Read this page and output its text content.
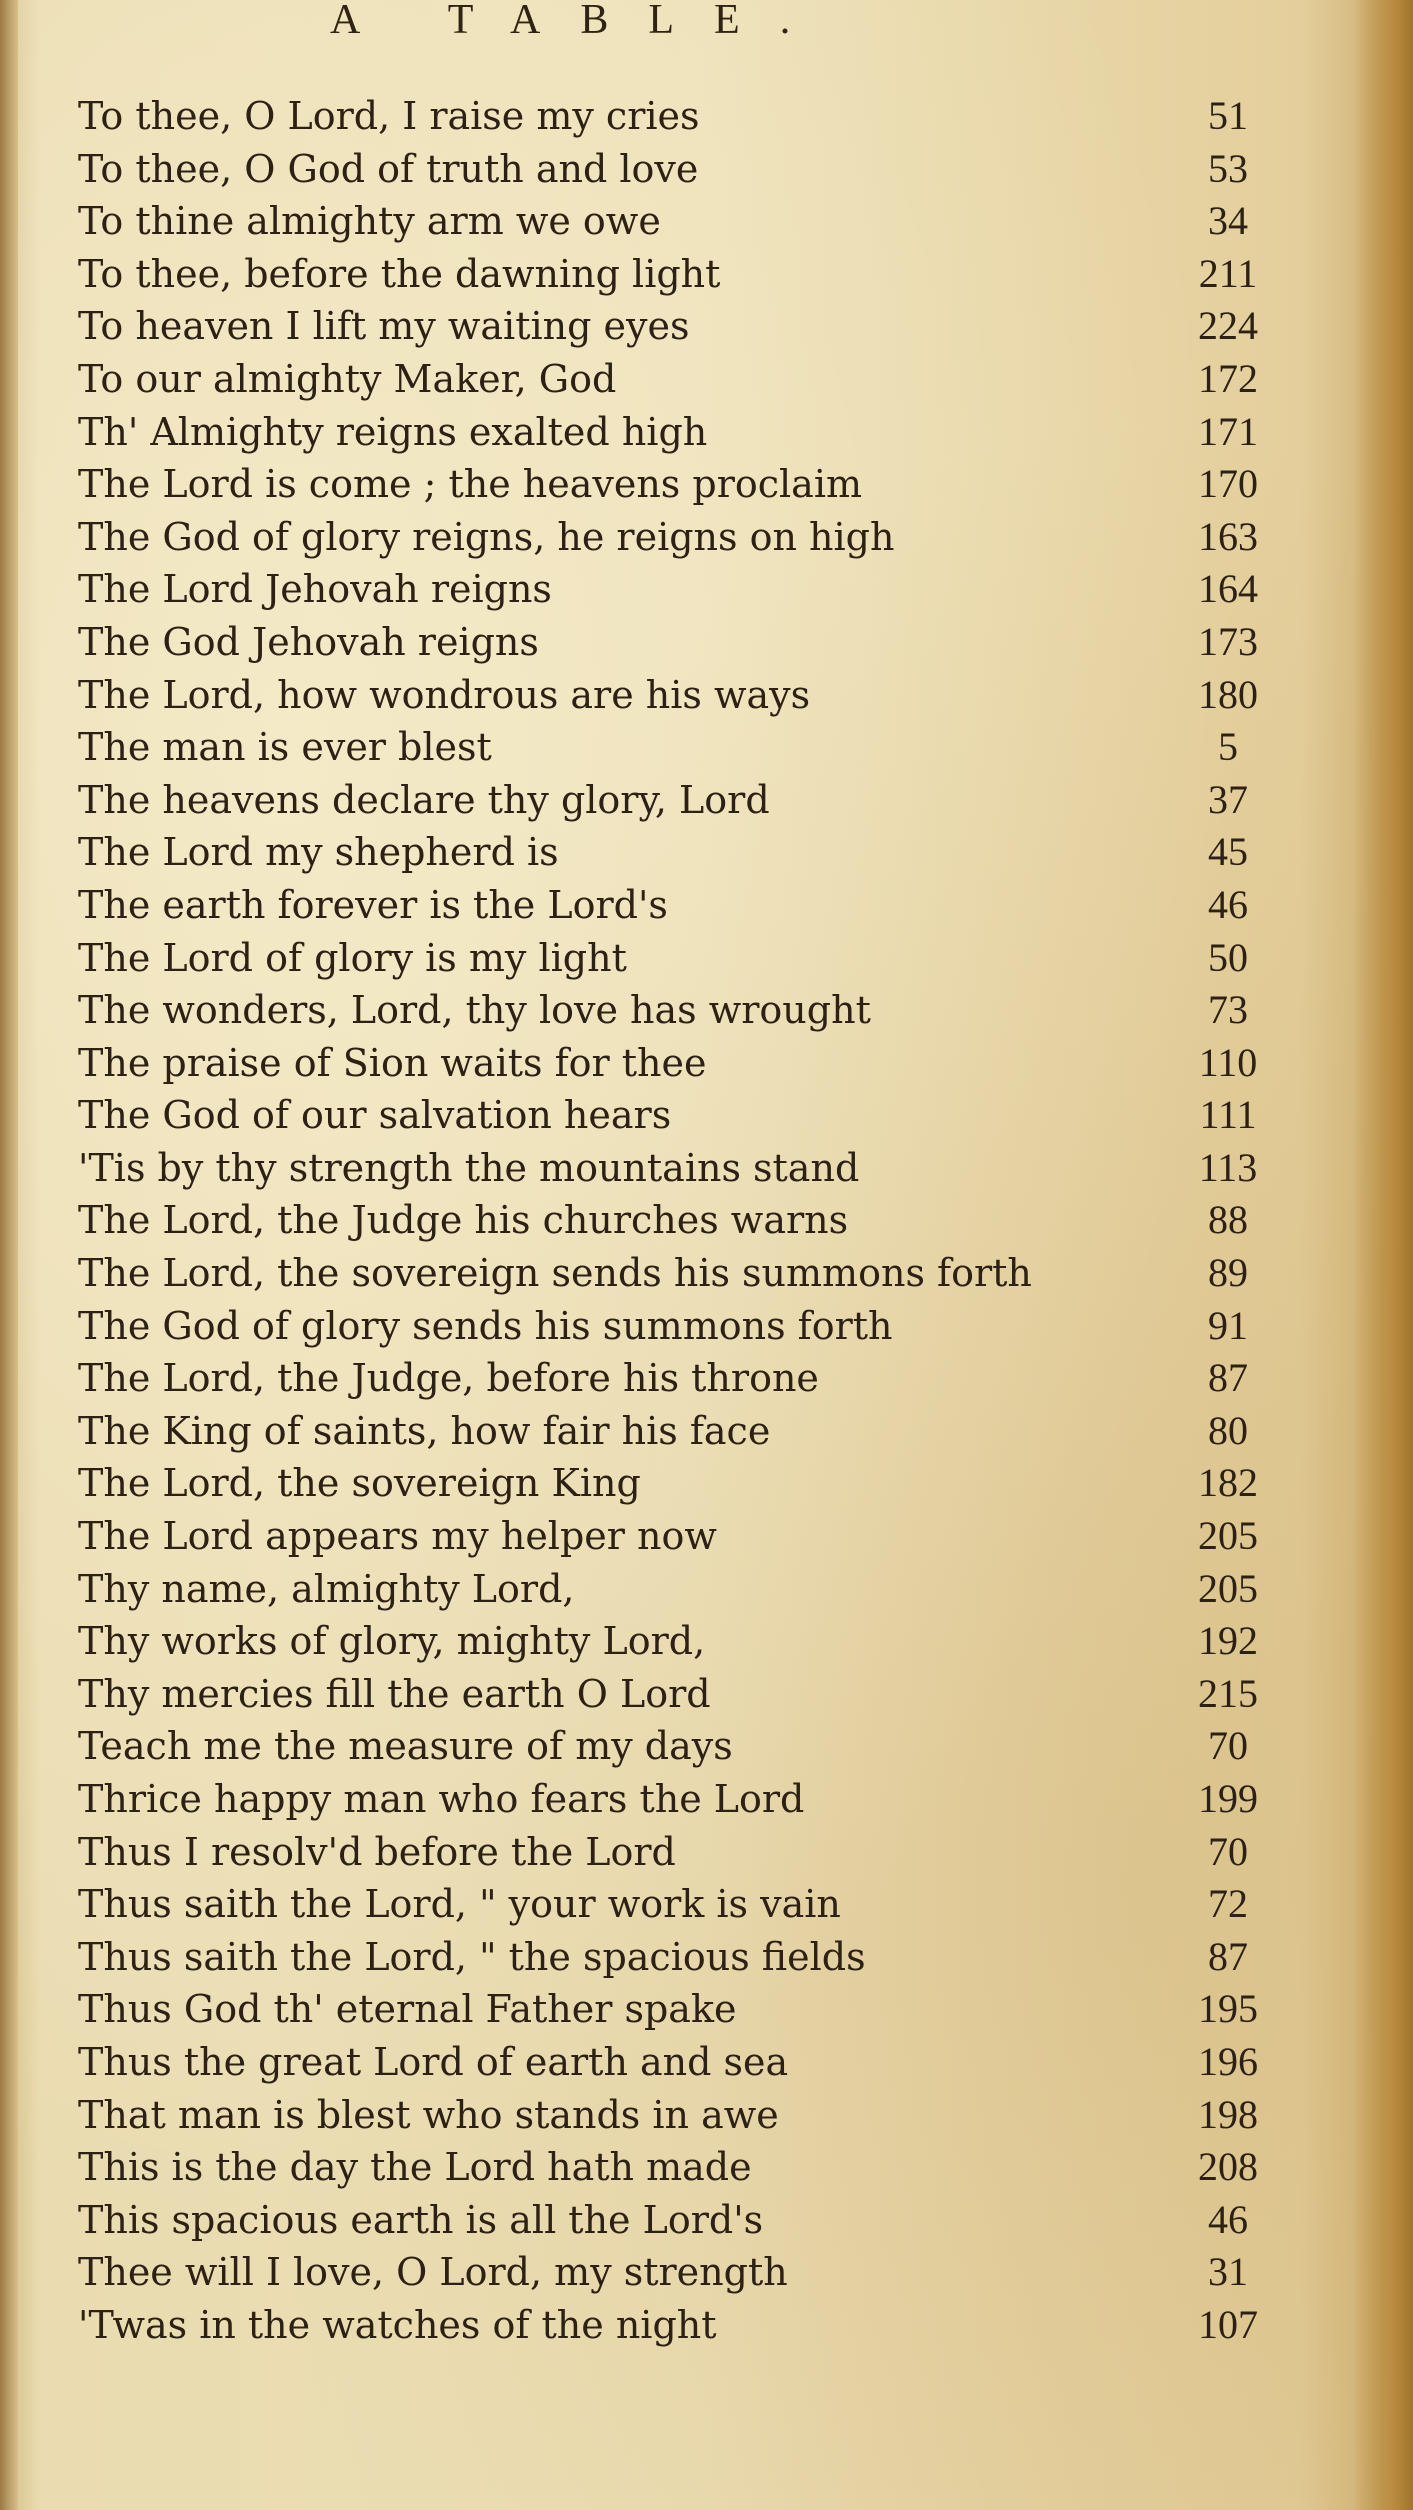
A TABLE.
To thee, O Lord, I raise my cries	51
To thee, O God of truth and love	53
To thine almighty arm we owe	34
To thee, before the dawning light	211
To heaven I lift my waiting eyes	224
To our almighty Maker, God	172
Th' Almighty reigns exalted high	171
The Lord is come ; the heavens proclaim	170
The God of glory reigns, he reigns on high	163
The Lord Jehovah reigns	164
The God Jehovah reigns	173
The Lord, how wondrous are his ways	180
The man is ever blest	5
The heavens declare thy glory, Lord	37
The Lord my shepherd is	45
The earth forever is the Lord's	46
The Lord of glory is my light	50
The wonders, Lord, thy love has wrought	73
The praise of Sion waits for thee	110
The God of our salvation hears	111
'Tis by thy strength the mountains stand	113
The Lord, the Judge his churches warns	88
The Lord, the sovereign sends his summons forth	89
The God of glory sends his summons forth	91
The Lord, the Judge, before his throne	87
The King of saints, how fair his face	80
The Lord, the sovereign King	182
The Lord appears my helper now	205
Thy name, almighty Lord,	205
Thy works of glory, mighty Lord,	192
Thy mercies fill the earth O Lord	215
Teach me the measure of my days	70
Thrice happy man who fears the Lord	199
Thus I resolv'd before the Lord	70
Thus saith the Lord, " your work is vain	72
Thus saith the Lord, " the spacious fields	87
Thus God th' eternal Father spake	195
Thus the great Lord of earth and sea	196
That man is blest who stands in awe	198
This is the day the Lord hath made	208
This spacious earth is all the Lord's	46
Thee will I love, O Lord, my strength	31
'Twas in the watches of the night	107
